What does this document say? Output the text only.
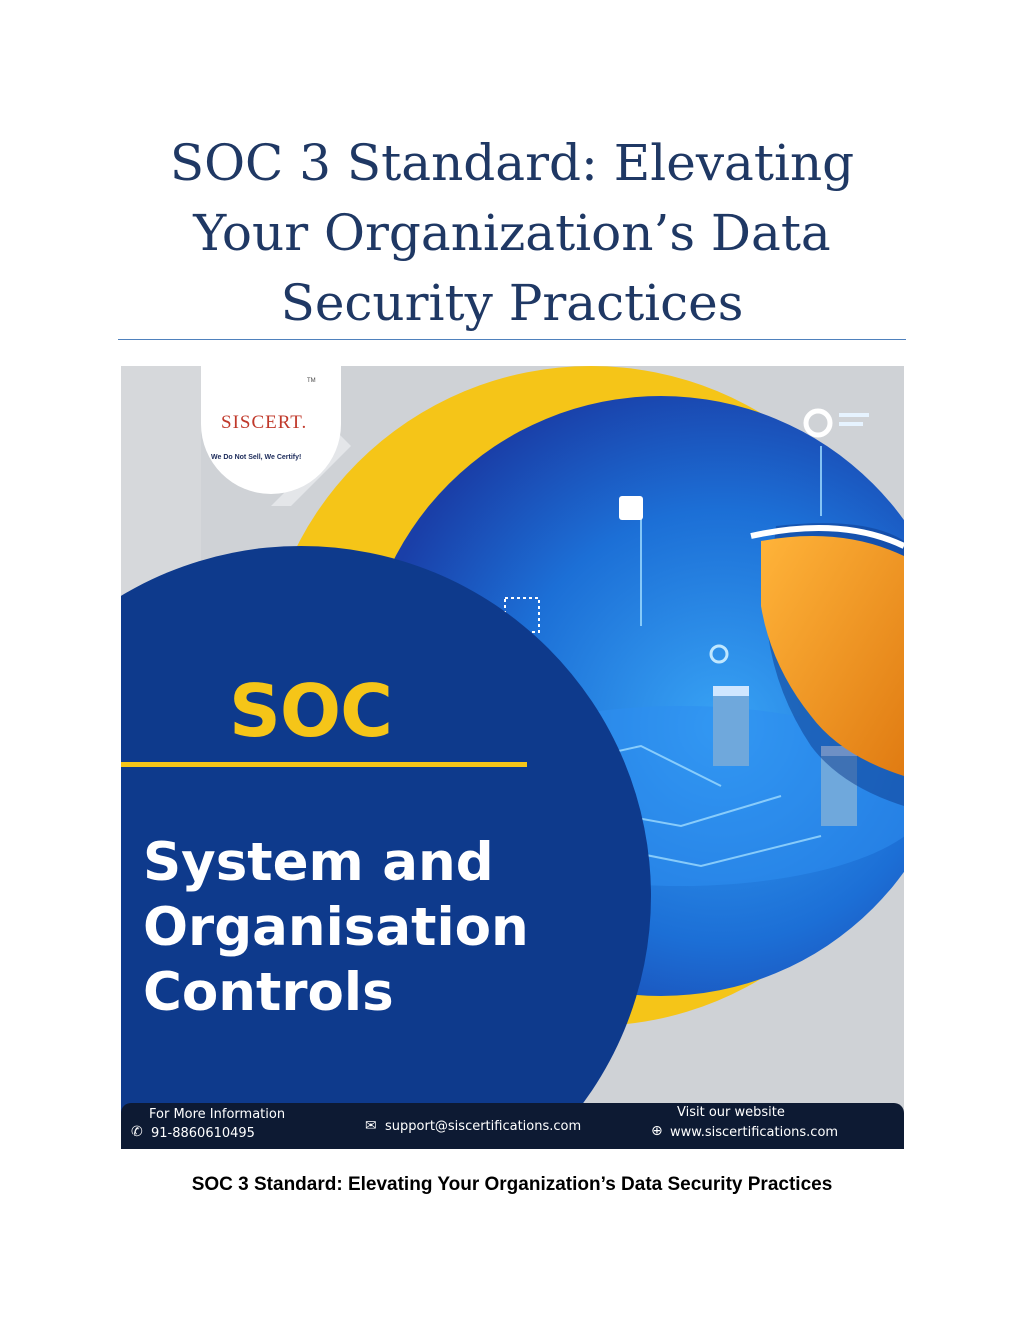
SOC 3 Standard: Elevating Your Organization’s Data Security Practices
SISCERT.
TM
We Do Not Sell, We Certify!
SOC
System and Organisation Controls
For More Information
✆ 91-8860610495	✉ support@siscertifications.com
Visit our website
⊕ www.siscertifications.com

SOC 3 Standard: Elevating Your Organization’s Data Security Practices
